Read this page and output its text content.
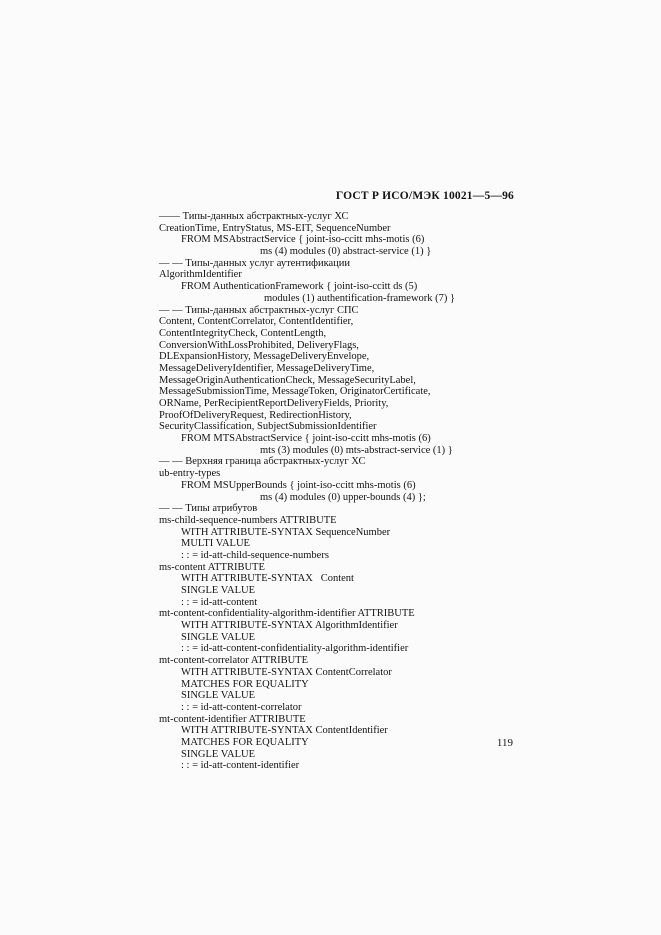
ГОСТ Р ИСО/МЭК 10021—5—96
—— Типы-данных абстрактных-услуг ХС
CreationTime, EntryStatus, MS-EIT, SequenceNumber
FROM MSAbstractService { joint-iso-ccitt mhs-motis (6)
ms (4) modules (0) abstract-service (1) }
— — Типы-данных услуг аутентификации
AlgorithmIdentifier
FROM AuthenticationFramework { joint-iso-ccitt ds (5)
modules (1) authentification-framework (7) }
— — Типы-данных абстрактных-услуг СПС
Content, ContentCorrelator, ContentIdentifier,
ContentIntegrityCheck, ContentLength,
ConversionWithLossProhibited, DeliveryFlags,
DLExpansionHistory, MessageDeliveryEnvelope,
MessageDeliveryIdentifier, MessageDeliveryTime,
MessageOriginAuthenticationCheck, MessageSecurityLabel,
MessageSubmissionTime, MessageToken, OriginatorCertificate,
ORName, PerRecipientReportDeliveryFields, Priority,
ProofOfDeliveryRequest, RedirectionHistory,
SecurityClassification, SubjectSubmissionIdentifier
FROM MTSAbstractService { joint-iso-ccitt mhs-motis (6)
mts (3) modules (0) mts-abstract-service (1) }
— — Верхняя граница абстрактных-услуг ХС
ub-entry-types
FROM MSUpperBounds { joint-iso-ccitt mhs-motis (6)
ms (4) modules (0) upper-bounds (4) };
— — Типы атрибутов
ms-child-sequence-numbers ATTRIBUTE
WITH ATTRIBUTE-SYNTAX SequenceNumber
MULTI VALUE
: : = id-att-child-sequence-numbers
ms-content ATTRIBUTE
WITH ATTRIBUTE-SYNTAX   Content
SINGLE VALUE
: : = id-att-content
mt-content-confidentiality-algorithm-identifier ATTRIBUTE
WITH ATTRIBUTE-SYNTAX AlgorithmIdentifier
SINGLE VALUE
: : = id-att-content-confidentiality-algorithm-identifier
mt-content-correlator ATTRIBUTE
WITH ATTRIBUTE-SYNTAX ContentCorrelator
MATCHES FOR EQUALITY
SINGLE VALUE
: : = id-att-content-correlator
mt-content-identifier ATTRIBUTE
WITH ATTRIBUTE-SYNTAX ContentIdentifier
MATCHES FOR EQUALITY
SINGLE VALUE
: : = id-att-content-identifier
119
